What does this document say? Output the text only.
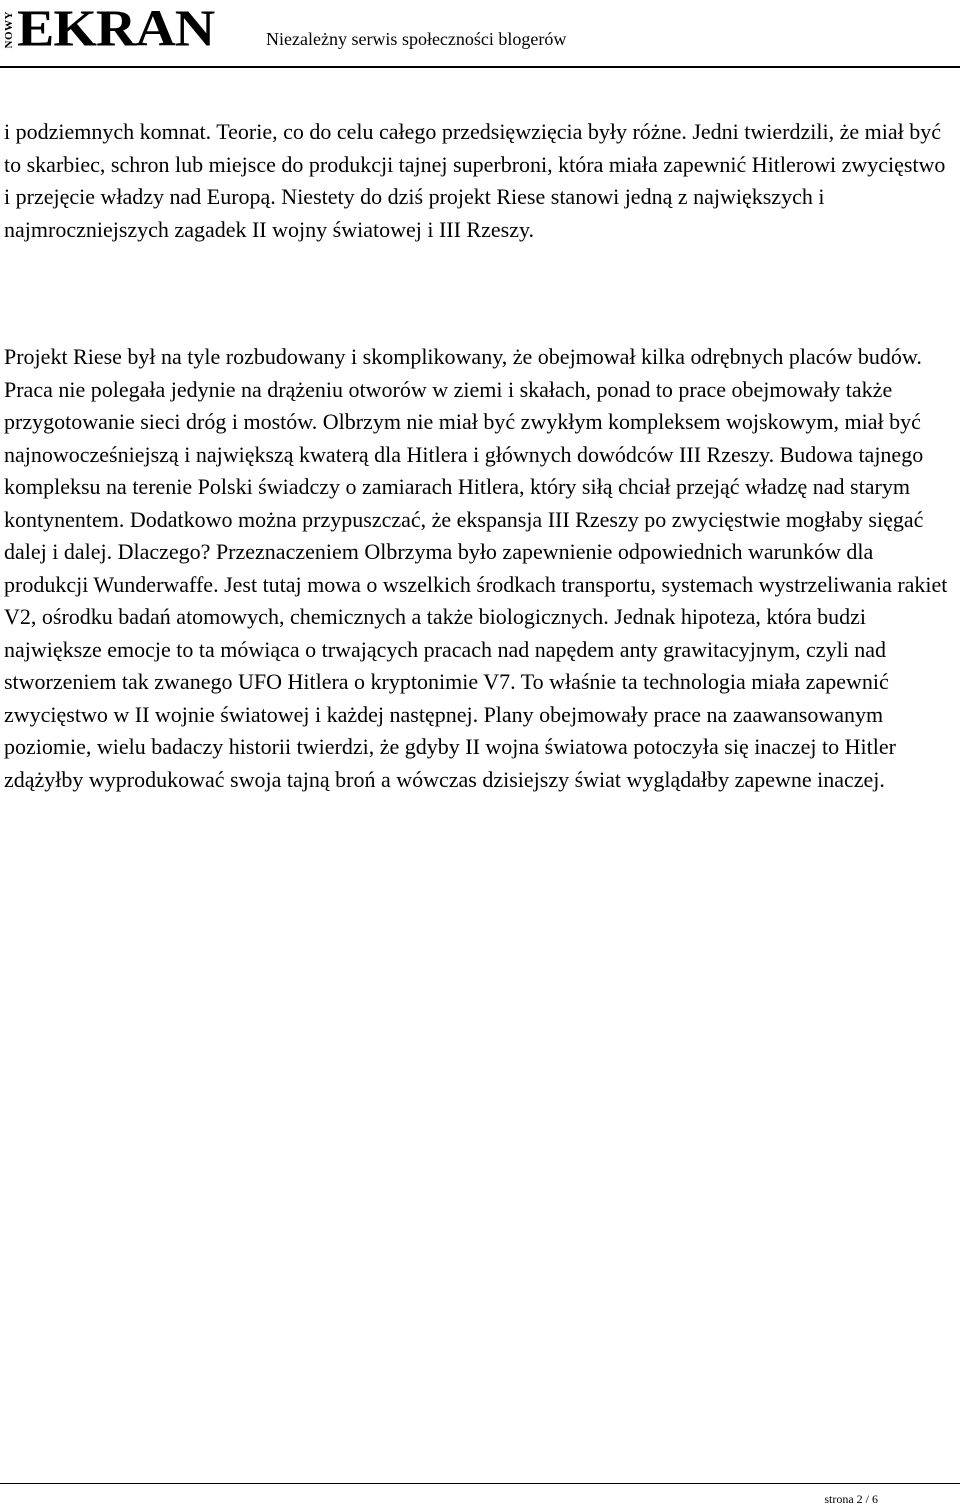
NOWY EKRAN	Niezależny serwis społeczności blogerów

i podziemnych komnat. Teorie, co do celu całego przedsięwzięcia były różne. Jedni twierdzili, że miał być to skarbiec, schron lub miejsce do produkcji tajnej superbroni, która miała zapewnić Hitlerowi zwycięstwo i przejęcie władzy nad Europą. Niestety do dziś projekt Riese stanowi jedną z największych i najmroczniejszych zagadek II wojny światowej i III Rzeszy.

Projekt Riese był na tyle rozbudowany i skomplikowany, że obejmował kilka odrębnych placów budów. Praca nie polegała jedynie na drążeniu otworów w ziemi i skałach, ponad to prace obejmowały także przygotowanie sieci dróg i mostów. Olbrzym nie miał być zwykłym kompleksem wojskowym, miał być najnowocześniejszą i największą kwaterą dla Hitlera i głównych dowódców III Rzeszy. Budowa tajnego kompleksu na terenie Polski świadczy o zamiarach Hitlera, który siłą chciał przejąć władzę nad starym kontynentem. Dodatkowo można przypuszczać, że ekspansja III Rzeszy po zwycięstwie mogłaby sięgać dalej i dalej. Dlaczego? Przeznaczeniem Olbrzyma było zapewnienie odpowiednich warunków dla produkcji Wunderwaffe. Jest tutaj mowa o wszelkich środkach transportu, systemach wystrzeliwania rakiet V2, ośrodku badań atomowych, chemicznych a także biologicznych. Jednak hipoteza, która budzi największe emocje to ta mówiąca o trwających pracach nad napędem anty grawitacyjnym, czyli nad stworzeniem tak zwanego UFO Hitlera o kryptonimie V7. To właśnie ta technologia miała zapewnić zwycięstwo w II wojnie światowej i każdej następnej. Plany obejmowały prace na zaawansowanym poziomie, wielu badaczy historii twierdzi, że gdyby II wojna światowa potoczyła się inaczej to Hitler zdążyłby wyprodukować swoja tajną broń a wówczas dzisiejszy świat wyglądałby zapewne inaczej.

strona 2 / 6
